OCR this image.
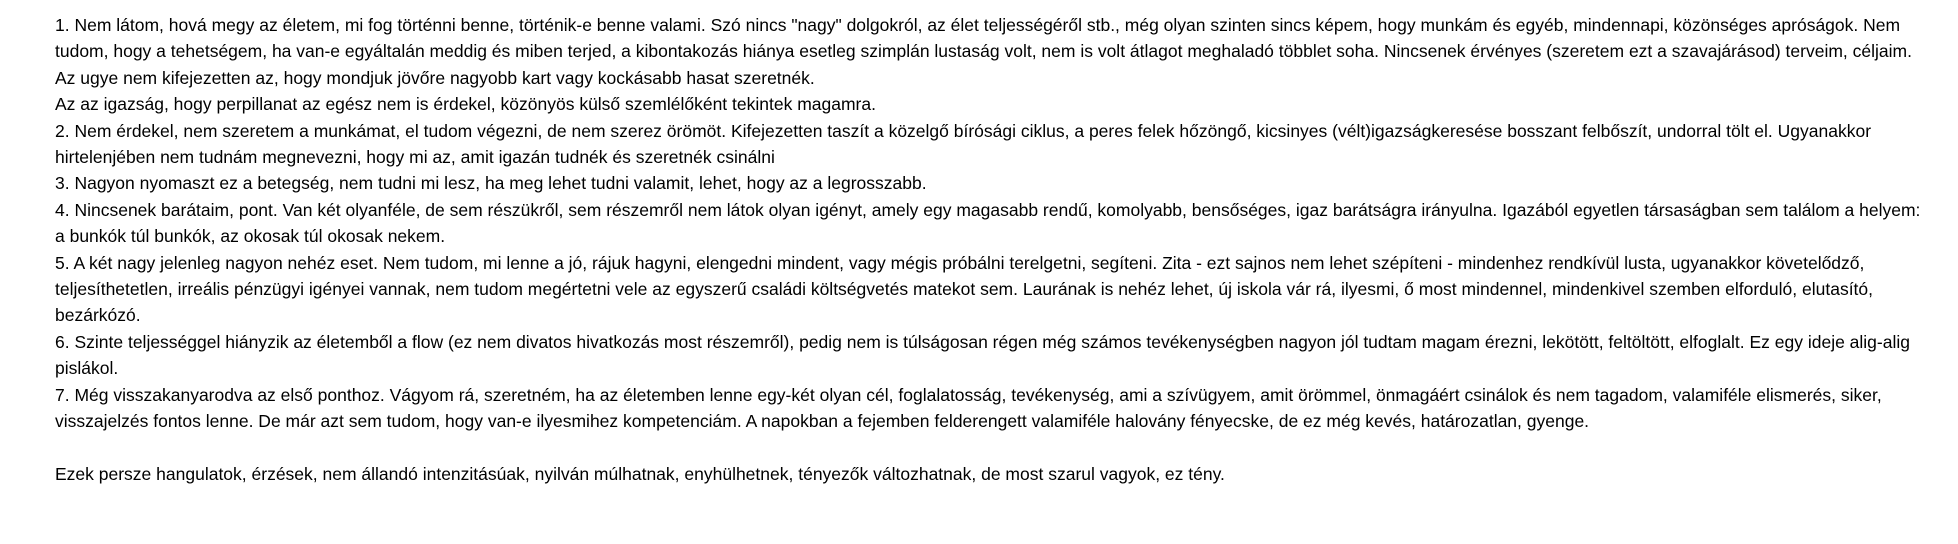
1. Nem látom, hová megy az életem, mi fog történni benne, történik-e benne valami. Szó nincs "nagy" dolgokról, az élet teljességéről stb., még olyan szinten sincs képem, hogy munkám és egyéb, mindennapi, közönséges apróságok. Nem tudom, hogy a tehetségem, ha van-e egyáltalán meddig és miben terjed, a kibontakozás hiánya esetleg szimplán lustaság volt, nem is volt átlagot meghaladó többlet soha. Nincsenek érvényes (szeretem ezt a szavajárásod) terveim, céljaim. Az ugye nem kifejezetten az, hogy mondjuk jövőre nagyobb kart vagy kockásabb hasat szeretnék.

Az az igazság, hogy perpillanat az egész nem is érdekel, közönyös külső szemlélőként tekintek magamra.

2. Nem érdekel, nem szeretem a munkámat, el tudom végezni, de nem szerez örömöt. Kifejezetten taszít a közelgő bírósági ciklus, a peres felek hőzöngő, kicsinyes (vélt)igazságkeresése bosszant felbőszít, undorral tölt el. Ugyanakkor hirtelenjében nem tudnám megnevezni, hogy mi az, amit igazán tudnék és szeretnék csinálni

3. Nagyon nyomaszt ez a betegség, nem tudni mi lesz, ha meg lehet tudni valamit, lehet, hogy az a legrosszabb.

4. Nincsenek barátaim, pont. Van két olyanféle, de sem részükről, sem részemről nem látok olyan igényt, amely egy magasabb rendű, komolyabb, bensőséges, igaz barátságra irányulna. Igazából egyetlen társaságban sem találom a helyem: a bunkók túl bunkók, az okosak túl okosak nekem.

5. A két nagy jelenleg nagyon nehéz eset. Nem tudom, mi lenne a jó, rájuk hagyni, elengedni mindent, vagy mégis próbálni terelgetni, segíteni. Zita - ezt sajnos nem lehet szépíteni - mindenhez rendkívül lusta, ugyanakkor követelődző, teljesíthetetlen, irreális pénzügyi igényei vannak, nem tudom megértetni vele az egyszerű családi költségvetés matekot sem. Laurának is nehéz lehet, új iskola vár rá, ilyesmi, ő most mindennel, mindenkivel szemben elforduló, elutasító, bezárkózó.

6. Szinte teljességgel hiányzik az életemből a flow (ez nem divatos hivatkozás most részemről), pedig nem is túlságosan régen még számos tevékenységben nagyon jól tudtam magam érezni, lekötött, feltöltött, elfoglalt. Ez egy ideje alig-alig pislákol.

7. Még visszakanyarodva az első ponthoz. Vágyom rá, szeretném, ha az életemben lenne egy-két olyan cél, foglalatosság, tevékenység, ami a szívügyem, amit örömmel, önmagáért csinálok és nem tagadom, valamiféle elismerés, siker, visszajelzés fontos lenne. De már azt sem tudom, hogy van-e ilyesmihez kompetenciám. A napokban a fejemben felderengett valamiféle halovány fényecske, de ez még kevés, határozatlan, gyenge.

Ezek persze hangulatok, érzések, nem állandó intenzitásúak, nyilván múlhatnak, enyhülhetnek, tényezők változhatnak, de most szarul vagyok, ez tény.
